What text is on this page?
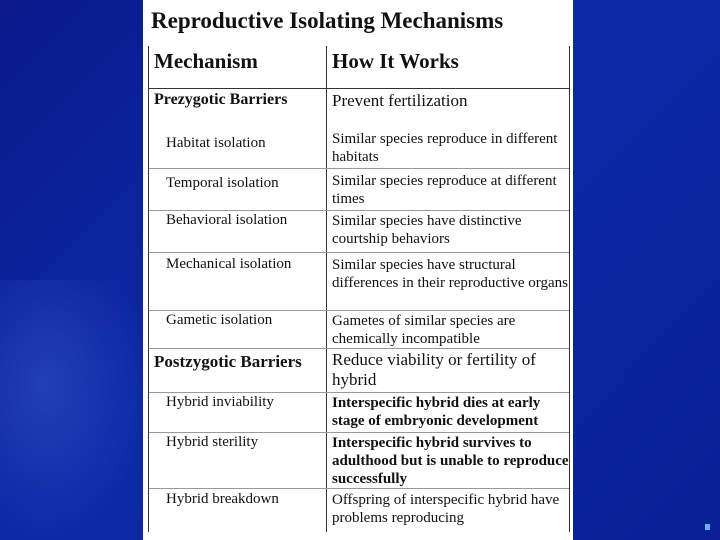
Reproductive Isolating Mechanisms
Mechanism	How It Works
Prezygotic Barriers	Prevent fertilization
Habitat isolation	Similar species reproduce in different habitats
Temporal isolation	Similar species reproduce at different times
Behavioral isolation	Similar species have distinctive courtship behaviors
Mechanical isolation	Similar species have structural differences in their reproductive organs
Gametic isolation	Gametes of similar species are chemically incompatible
Postzygotic Barriers	Reduce viability or fertility of hybrid
Hybrid inviability	Interspecific hybrid dies at early stage of embryonic development
Hybrid sterility	Interspecific hybrid survives to adulthood but is unable to reproduce successfully
Hybrid breakdown	Offspring of interspecific hybrid have problems reproducing
